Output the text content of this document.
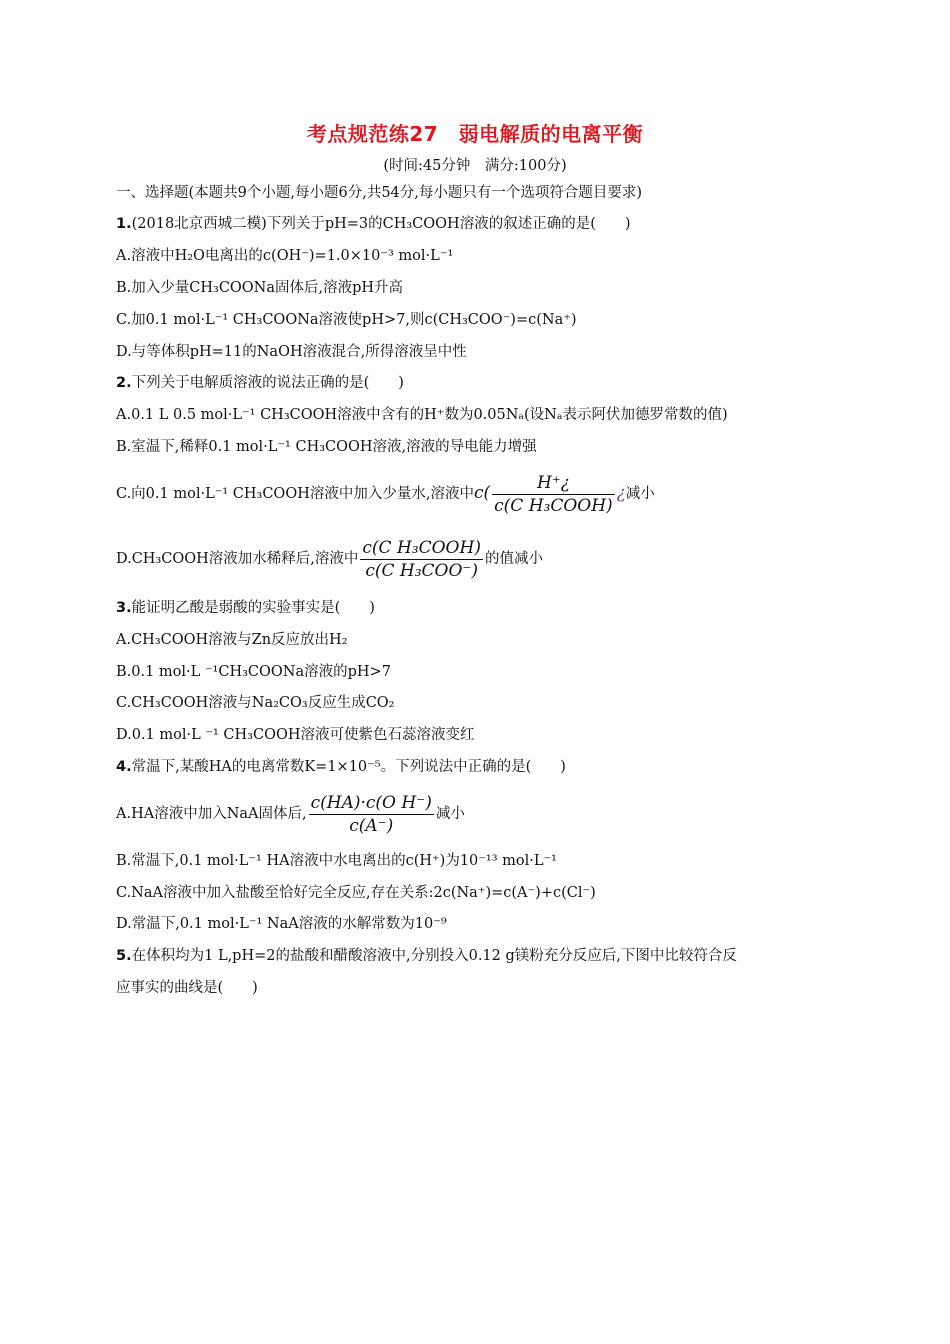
考点规范练27　弱电解质的电离平衡
(时间:45分钟　满分:100分)
一、选择题(本题共9个小题,每小题6分,共54分,每小题只有一个选项符合题目要求)
1.(2018北京西城二模)下列关于pH=3的CH₃COOH溶液的叙述正确的是(　　)
A.溶液中H₂O电离出的c(OH⁻)=1.0×10⁻³ mol·L⁻¹
B.加入少量CH₃COONa固体后,溶液pH升高
C.加0.1 mol·L⁻¹ CH₃COONa溶液使pH>7,则c(CH₃COO⁻)=c(Na⁺)
D.与等体积pH=11的NaOH溶液混合,所得溶液呈中性
2.下列关于电解质溶液的说法正确的是(　　)
A.0.1 L 0.5 mol·L⁻¹ CH₃COOH溶液中含有的H⁺数为0.05Nₐ(设Nₐ表示阿伏加德罗常数的值)
B.室温下,稀释0.1 mol·L⁻¹ CH₃COOH溶液,溶液的导电能力增强
C.向0.1 mol·L⁻¹ CH₃COOH溶液中加入少量水,溶液中$c( \frac{H^+¿}{\text{c(C H₃COOH)}}$ ¿减小
D.CH₃COOH溶液加水稀释后,溶液中 $\frac{\text{c(C H₃COOH)}}{\text{c(C H₃COO⁻)}}$ 的值减小
3.能证明乙酸是弱酸的实验事实是(　　)
A.CH₃COOH溶液与Zn反应放出H₂
B.0.1 mol·L ⁻¹CH₃COONa溶液的pH>7
C.CH₃COOH溶液与Na₂CO₃反应生成CO₂
D.0.1 mol·L ⁻¹ CH₃COOH溶液可使紫色石蕊溶液变红
4.常温下,某酸HA的电离常数K=1×10⁻⁵。下列说法中正确的是(　　)
A.HA溶液中加入NaA固体后, $\frac{\text{c(HA)·c(O H⁻)}}{c(A^-)}$ 减小
B.常温下,0.1 mol·L⁻¹ HA溶液中水电离出的c(H⁺)为10⁻¹³ mol·L⁻¹
C.NaA溶液中加入盐酸至恰好完全反应,存在关系:2c(Na⁺)=c(A⁻)+c(Cl⁻)
D.常温下,0.1 mol·L⁻¹ NaA溶液的水解常数为10⁻⁹
5.在体积均为1 L,pH=2的盐酸和醋酸溶液中,分别投入0.12 g镁粉充分反应后,下图中比较符合反
应事实的曲线是(　　)
